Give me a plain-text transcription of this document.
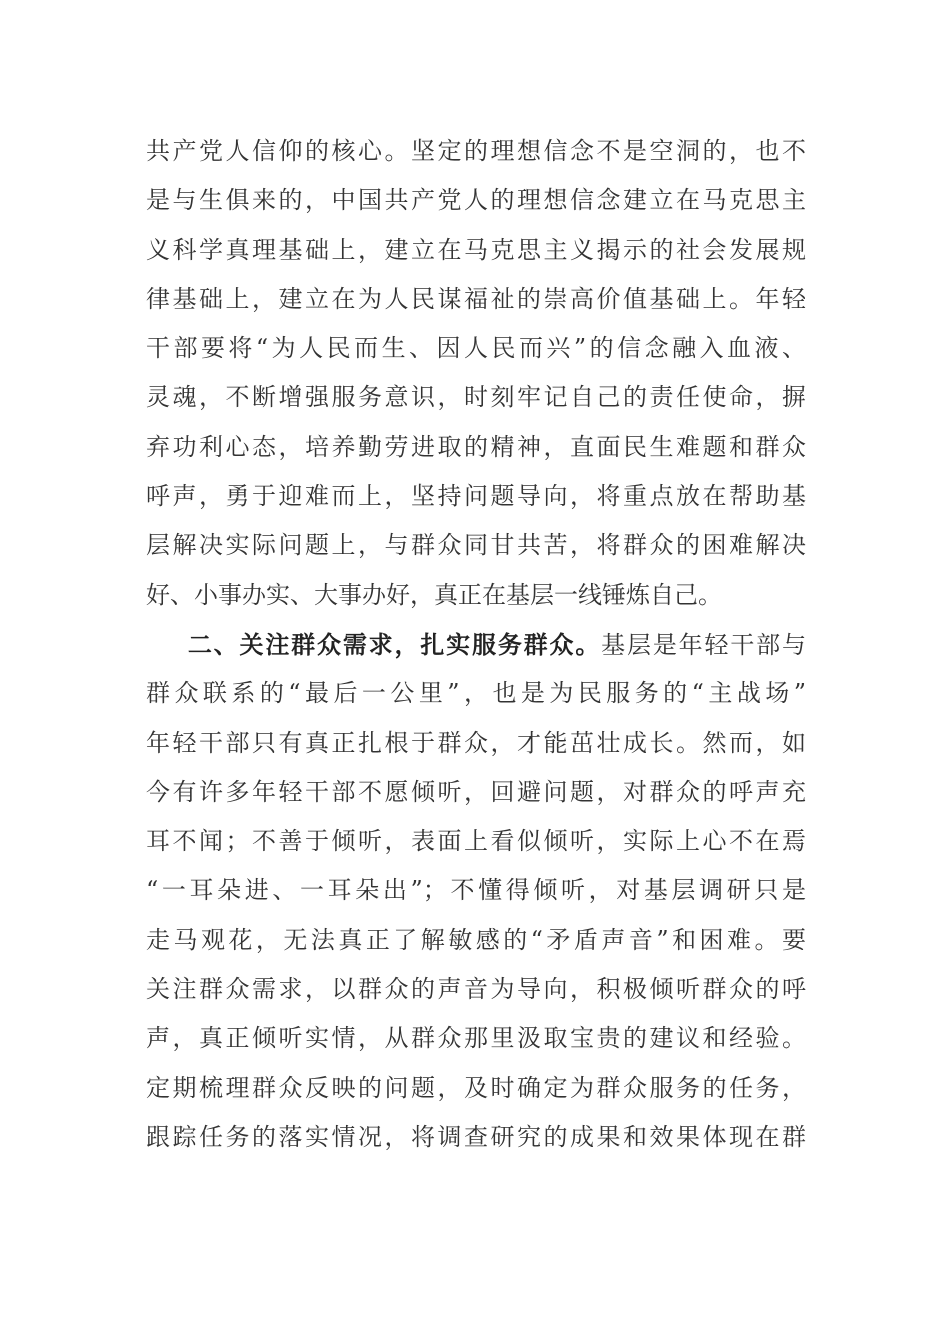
共产党人信仰的核心。坚定的理想信念不是空洞的，也不
是与生俱来的，中国共产党人的理想信念建立在马克思主
义科学真理基础上，建立在马克思主义揭示的社会发展规
律基础上，建立在为人民谋福祉的崇高价值基础上。年轻
干部要将“为人民而生、因人民而兴”的信念融入血液、
灵魂，不断增强服务意识，时刻牢记自己的责任使命，摒
弃功利心态，培养勤劳进取的精神，直面民生难题和群众
呼声，勇于迎难而上，坚持问题导向，将重点放在帮助基
层解决实际问题上，与群众同甘共苦，将群众的困难解决
好、小事办实、大事办好，真正在基层一线锤炼自己。
二、关注群众需求，扎实服务群众。基层是年轻干部与
群众联系的“最后一公里”，也是为民服务的“主战场”
年轻干部只有真正扎根于群众，才能茁壮成长。然而，如
今有许多年轻干部不愿倾听，回避问题，对群众的呼声充
耳不闻；不善于倾听，表面上看似倾听，实际上心不在焉
“一耳朵进、一耳朵出”；不懂得倾听，对基层调研只是
走马观花，无法真正了解敏感的“矛盾声音”和困难。要
关注群众需求，以群众的声音为导向，积极倾听群众的呼
声，真正倾听实情，从群众那里汲取宝贵的建议和经验。
定期梳理群众反映的问题，及时确定为群众服务的任务，
跟踪任务的落实情况，将调查研究的成果和效果体现在群
